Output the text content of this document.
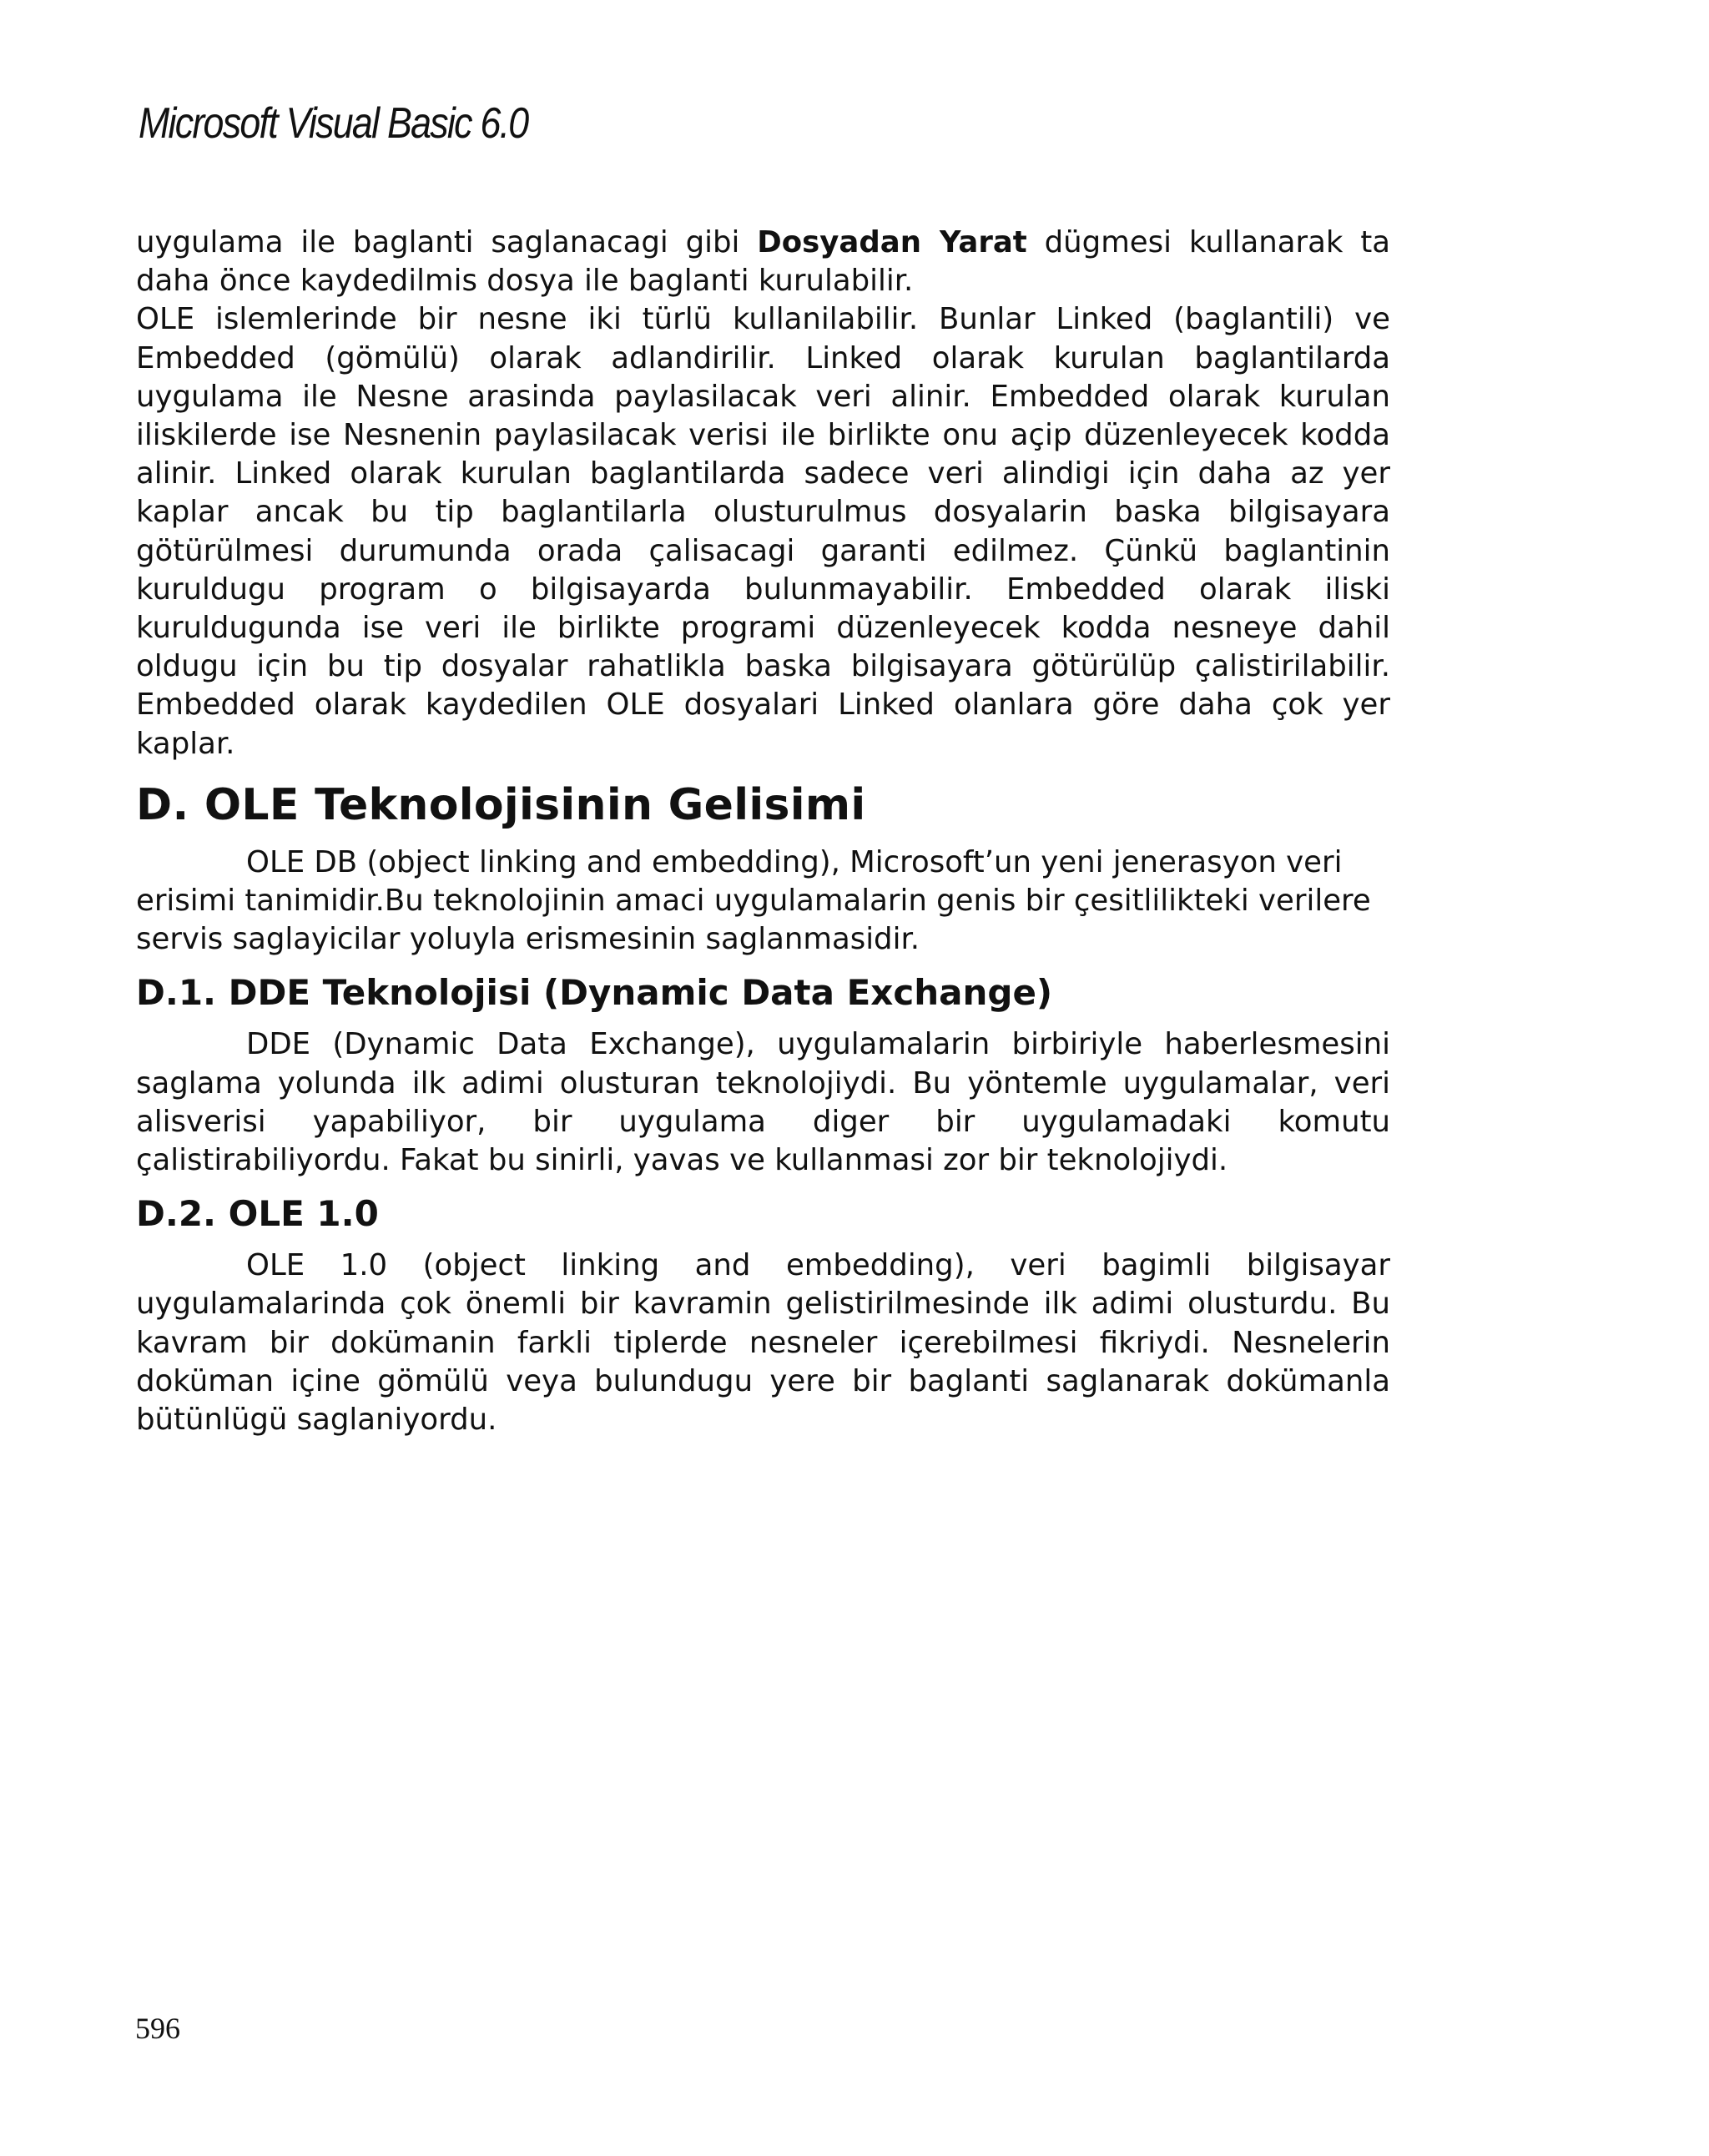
Microsoft Visual Basic 6.0

uygulama ile baglanti saglanacagi gibi Dosyadan Yarat dügmesi kullanarak ta daha önce kaydedilmis dosya ile baglanti kurulabilir.

OLE islemlerinde bir nesne iki türlü kullanilabilir. Bunlar Linked (baglantili) ve Embedded (gömülü) olarak adlandirilir. Linked olarak kurulan baglantilarda uygulama ile Nesne arasinda paylasilacak veri alinir. Embedded olarak kurulan iliskilerde ise Nesnenin paylasilacak verisi ile birlikte onu açip düzenleyecek kodda alinir. Linked olarak kurulan baglantilarda sadece veri alindigi için daha az yer kaplar ancak bu tip baglantilarla olusturulmus dosyalarin baska bilgisayara götürülmesi durumunda orada çalisacagi garanti edilmez. Çünkü baglantinin kuruldugu program o bilgisayarda bulunmayabilir. Embedded olarak iliski kuruldugunda ise veri ile birlikte programi düzenleyecek kodda nesneye dahil oldugu için bu tip dosyalar rahatlikla baska bilgisayara götürülüp çalistirilabilir. Embedded olarak kaydedilen OLE dosyalari Linked olanlara göre daha çok yer kaplar.

D. OLE Teknolojisinin Gelisimi

OLE DB (object linking and embedding), Microsoft’un yeni jenerasyon veri erisimi tanimidir.Bu teknolojinin amaci uygulamalarin genis bir çesitlilikteki verilere servis saglayicilar yoluyla erismesinin saglanmasidir.

D.1. DDE Teknolojisi (Dynamic Data Exchange)

DDE (Dynamic Data Exchange), uygulamalarin birbiriyle haberlesmesini saglama yolunda ilk adimi olusturan teknolojiydi. Bu yöntemle uygulamalar, veri alisverisi yapabiliyor, bir uygulama diger bir uygulamadaki komutu çalistirabiliyordu. Fakat bu sinirli, yavas ve kullanmasi zor bir teknolojiydi.

D.2. OLE 1.0

OLE 1.0 (object linking and embedding), veri bagimli bilgisayar uygulamalarinda çok önemli bir kavramin gelistirilmesinde ilk adimi olusturdu. Bu kavram bir dokümanin farkli tiplerde nesneler içerebilmesi fikriydi. Nesnelerin doküman içine gömülü veya bulundugu yere bir baglanti saglanarak dokümanla bütünlügü saglaniyordu.

596
